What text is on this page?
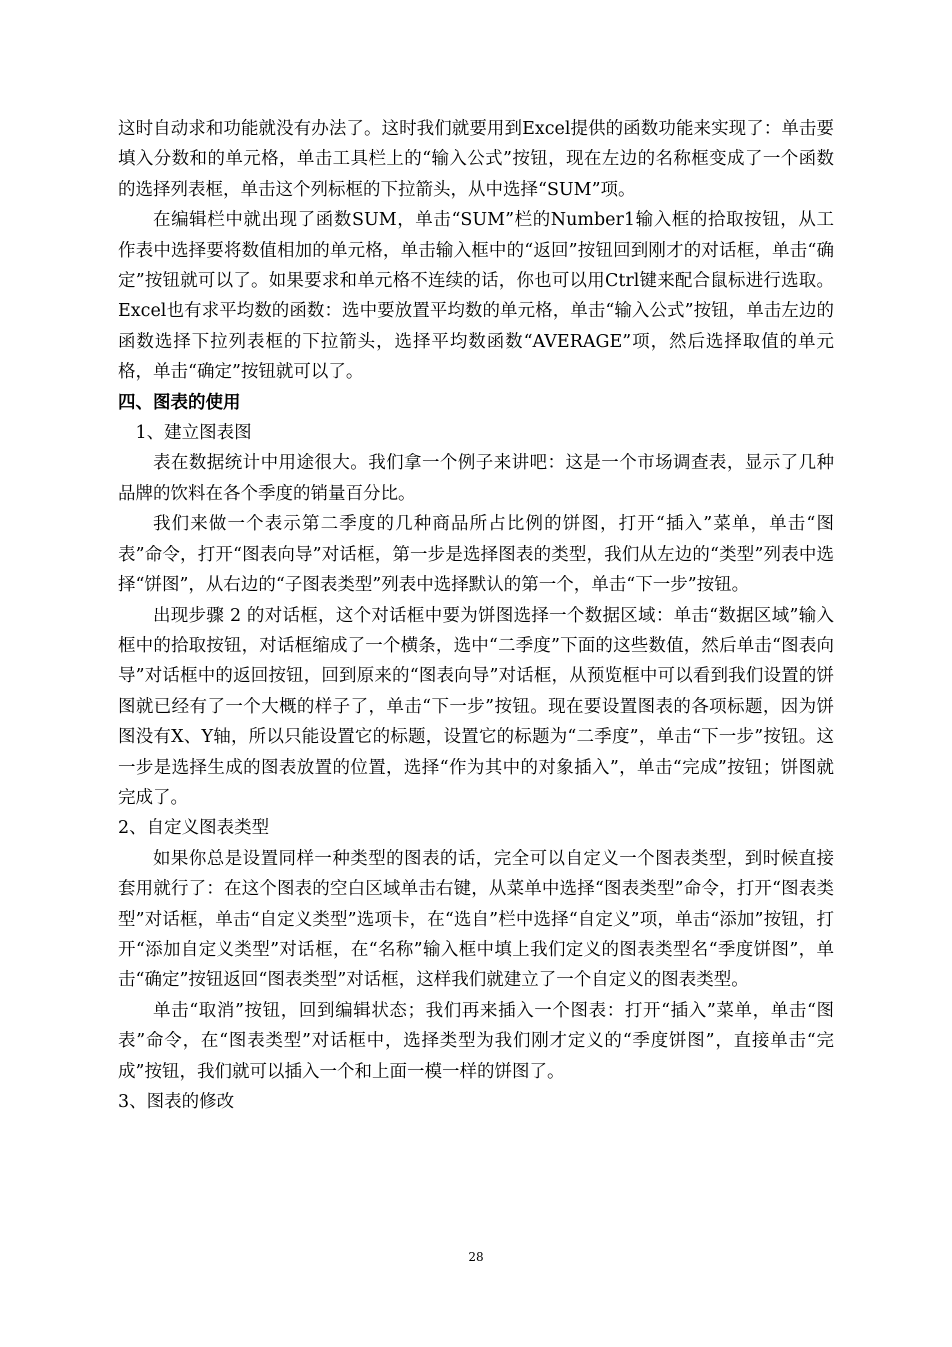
这时自动求和功能就没有办法了。这时我们就要用到Excel提供的函数功能来实现了：单击要填入分数和的单元格，单击工具栏上的“输入公式”按钮，现在左边的名称框变成了一个函数的选择列表框，单击这个列标框的下拉箭头，从中选择“SUM”项。

在编辑栏中就出现了函数SUM，单击“SUM”栏的Number1输入框的拾取按钮，从工作表中选择要将数值相加的单元格，单击输入框中的“返回”按钮回到刚才的对话框，单击“确定”按钮就可以了。如果要求和单元格不连续的话，你也可以用Ctrl键来配合鼠标进行选取。Excel也有求平均数的函数：选中要放置平均数的单元格，单击“输入公式”按钮，单击左边的函数选择下拉列表框的下拉箭头，选择平均数函数“AVERAGE”项，然后选择取值的单元格，单击“确定”按钮就可以了。

四、图表的使用

1、建立图表图

表在数据统计中用途很大。我们拿一个例子来讲吧：这是一个市场调查表，显示了几种品牌的饮料在各个季度的销量百分比。

我们来做一个表示第二季度的几种商品所占比例的饼图，打开“插入”菜单，单击“图表”命令，打开“图表向导”对话框，第一步是选择图表的类型，我们从左边的“类型”列表中选择“饼图”，从右边的“子图表类型”列表中选择默认的第一个，单击“下一步”按钮。

出现步骤 2 的对话框，这个对话框中要为饼图选择一个数据区域：单击“数据区域”输入框中的拾取按钮，对话框缩成了一个横条，选中“二季度”下面的这些数值，然后单击“图表向导”对话框中的返回按钮，回到原来的“图表向导”对话框，从预览框中可以看到我们设置的饼图就已经有了一个大概的样子了，单击“下一步”按钮。现在要设置图表的各项标题，因为饼图没有X、Y轴，所以只能设置它的标题，设置它的标题为“二季度”，单击“下一步”按钮。这一步是选择生成的图表放置的位置，选择“作为其中的对象插入”，单击“完成”按钮；饼图就完成了。

2、自定义图表类型

如果你总是设置同样一种类型的图表的话，完全可以自定义一个图表类型，到时候直接套用就行了：在这个图表的空白区域单击右键，从菜单中选择“图表类型”命令，打开“图表类型”对话框，单击“自定义类型”选项卡，在“选自”栏中选择“自定义”项，单击“添加”按钮，打开“添加自定义类型”对话框，在“名称”输入框中填上我们定义的图表类型名“季度饼图”，单击“确定”按钮返回“图表类型”对话框，这样我们就建立了一个自定义的图表类型。

单击“取消”按钮，回到编辑状态；我们再来插入一个图表：打开“插入”菜单，单击“图表”命令，在“图表类型”对话框中，选择类型为我们刚才定义的“季度饼图”，直接单击“完成”按钮，我们就可以插入一个和上面一模一样的饼图了。

3、图表的修改

28
